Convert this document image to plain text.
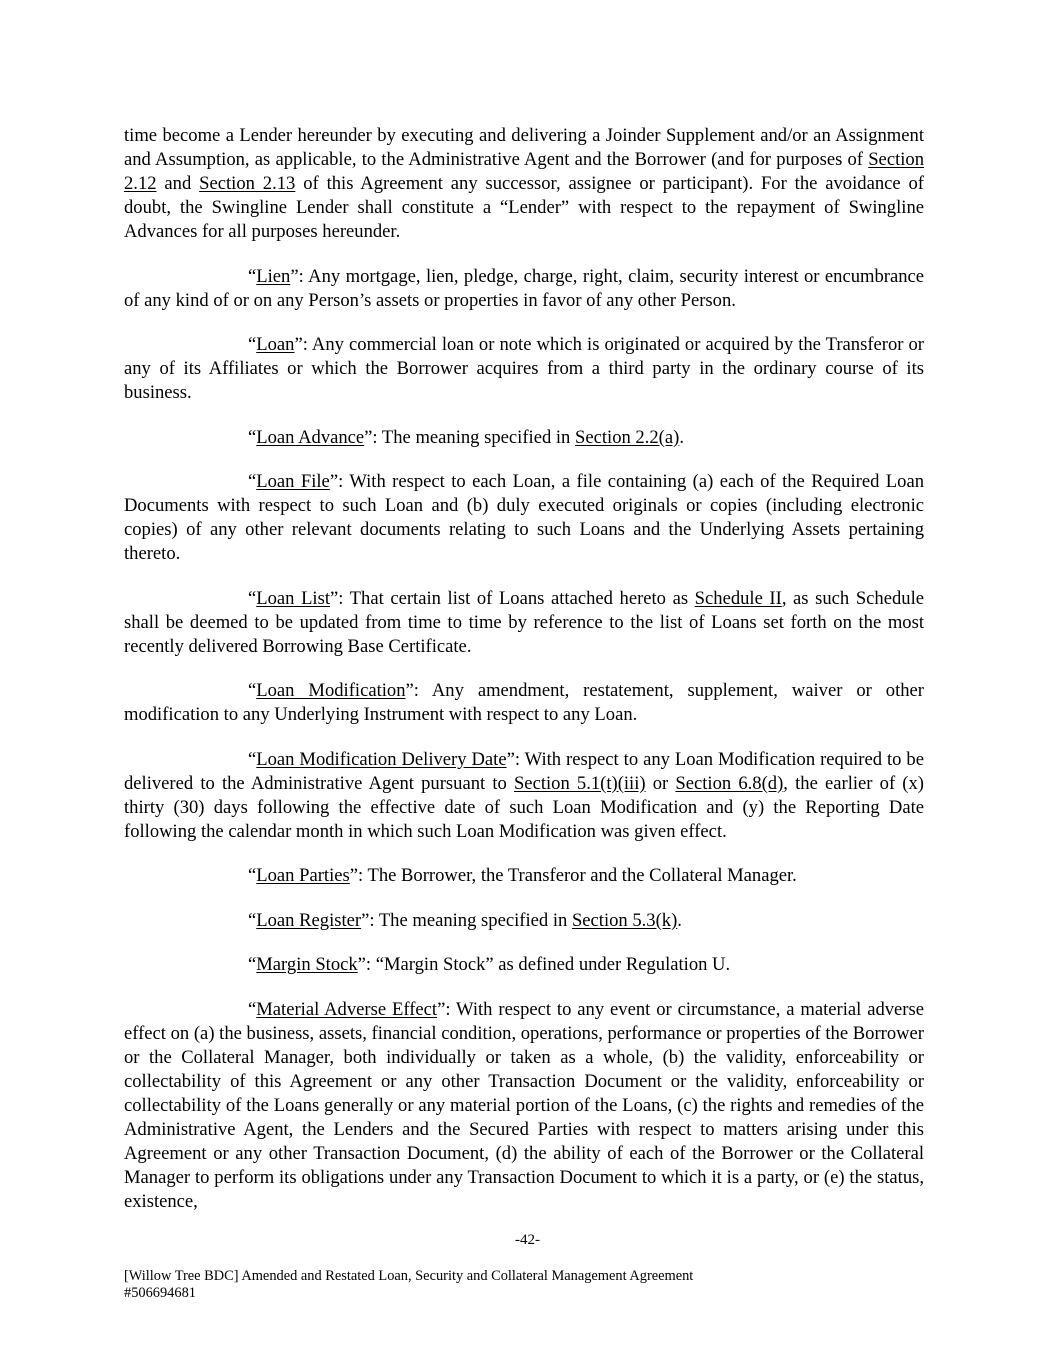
time become a Lender hereunder by executing and delivering a Joinder Supplement and/or an Assignment and Assumption, as applicable, to the Administrative Agent and the Borrower (and for purposes of Section 2.12 and Section 2.13 of this Agreement any successor, assignee or participant). For the avoidance of doubt, the Swingline Lender shall constitute a “Lender” with respect to the repayment of Swingline Advances for all purposes hereunder.

“Lien”: Any mortgage, lien, pledge, charge, right, claim, security interest or encumbrance of any kind of or on any Person’s assets or properties in favor of any other Person.

“Loan”: Any commercial loan or note which is originated or acquired by the Transferor or any of its Affiliates or which the Borrower acquires from a third party in the ordinary course of its business.

“Loan Advance”: The meaning specified in Section 2.2(a).

“Loan File”: With respect to each Loan, a file containing (a) each of the Required Loan Documents with respect to such Loan and (b) duly executed originals or copies (including electronic copies) of any other relevant documents relating to such Loans and the Underlying Assets pertaining thereto.

“Loan List”: That certain list of Loans attached hereto as Schedule II, as such Schedule shall be deemed to be updated from time to time by reference to the list of Loans set forth on the most recently delivered Borrowing Base Certificate.

“Loan Modification”: Any amendment, restatement, supplement, waiver or other modification to any Underlying Instrument with respect to any Loan.

“Loan Modification Delivery Date”: With respect to any Loan Modification required to be delivered to the Administrative Agent pursuant to Section 5.1(t)(iii) or Section 6.8(d), the earlier of (x) thirty (30) days following the effective date of such Loan Modification and (y) the Reporting Date following the calendar month in which such Loan Modification was given effect.

“Loan Parties”: The Borrower, the Transferor and the Collateral Manager.

“Loan Register”: The meaning specified in Section 5.3(k).

“Margin Stock”: “Margin Stock” as defined under Regulation U.

“Material Adverse Effect”: With respect to any event or circumstance, a material adverse effect on (a) the business, assets, financial condition, operations, performance or properties of the Borrower or the Collateral Manager, both individually or taken as a whole, (b) the validity, enforceability or collectability of this Agreement or any other Transaction Document or the validity, enforceability or collectability of the Loans generally or any material portion of the Loans, (c) the rights and remedies of the Administrative Agent, the Lenders and the Secured Parties with respect to matters arising under this Agreement or any other Transaction Document, (d) the ability of each of the Borrower or the Collateral Manager to perform its obligations under any Transaction Document to which it is a party, or (e) the status, existence,

-42-
[Willow Tree BDC] Amended and Restated Loan, Security and Collateral Management Agreement
#506694681
